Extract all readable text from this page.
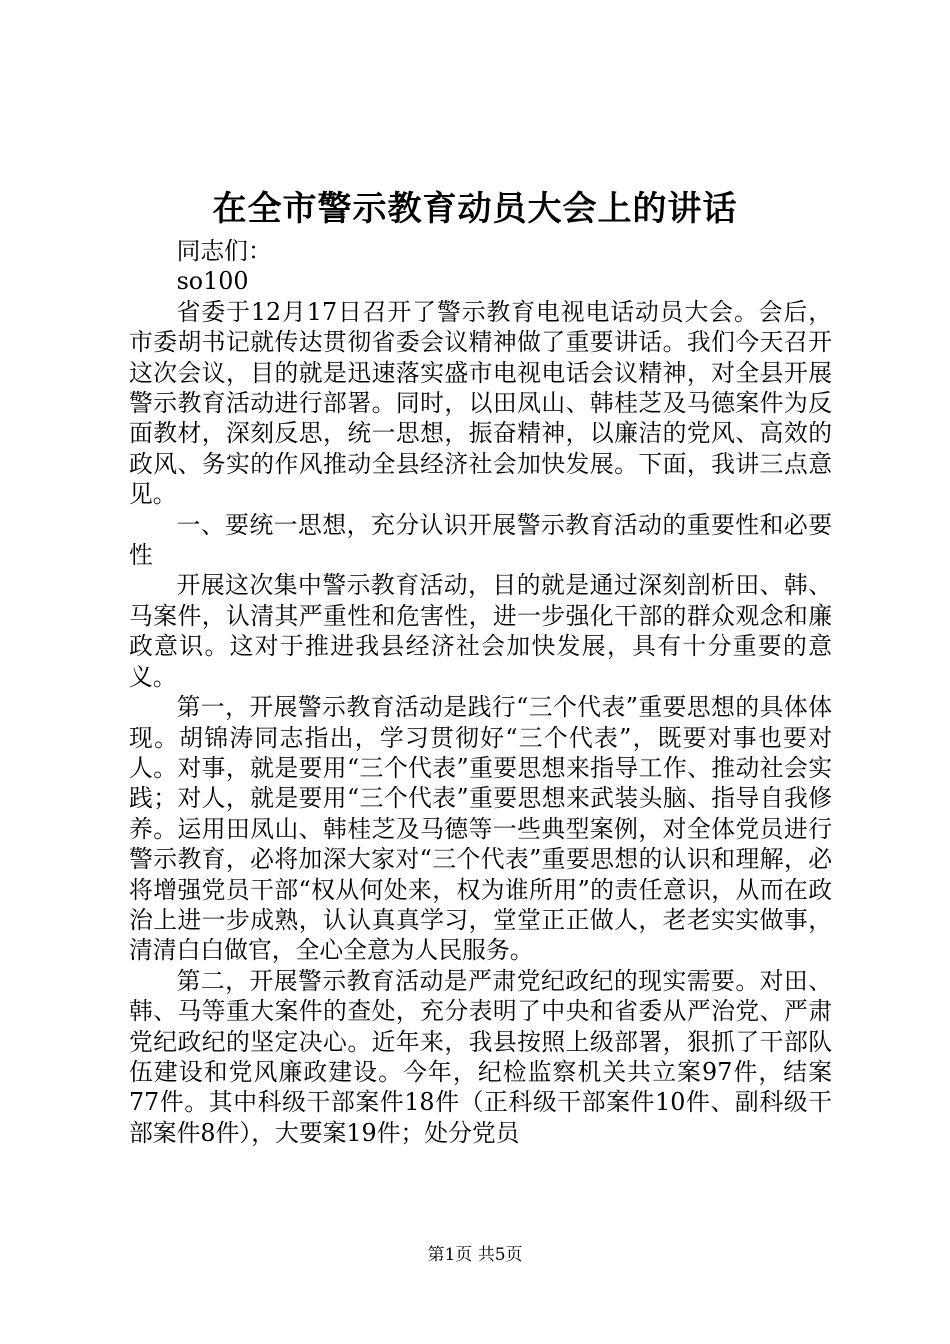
在全市警示教育动员大会上的讲话

同志们：

so100

省委于12月17日召开了警示教育电视电话动员大会。会后，市委胡书记就传达贯彻省委会议精神做了重要讲话。我们今天召开这次会议，目的就是迅速落实盛市电视电话会议精神，对全县开展警示教育活动进行部署。同时，以田凤山、韩桂芝及马德案件为反面教材，深刻反思，统一思想，振奋精神，以廉洁的党风、高效的政风、务实的作风推动全县经济社会加快发展。下面，我讲三点意见。

一、要统一思想，充分认识开展警示教育活动的重要性和必要性

开展这次集中警示教育活动，目的就是通过深刻剖析田、韩、马案件，认清其严重性和危害性，进一步强化干部的群众观念和廉政意识。这对于推进我县经济社会加快发展，具有十分重要的意义。

第一，开展警示教育活动是践行“三个代表”重要思想的具体体现。胡锦涛同志指出，学习贯彻好“三个代表”，既要对事也要对人。对事，就是要用“三个代表”重要思想来指导工作、推动社会实践；对人，就是要用“三个代表”重要思想来武装头脑、指导自我修养。运用田凤山、韩桂芝及马德等一些典型案例，对全体党员进行警示教育，必将加深大家对“三个代表”重要思想的认识和理解，必将增强党员干部“权从何处来，权为谁所用”的责任意识，从而在政治上进一步成熟，认认真真学习，堂堂正正做人，老老实实做事，清清白白做官，全心全意为人民服务。

第二，开展警示教育活动是严肃党纪政纪的现实需要。对田、韩、马等重大案件的查处，充分表明了中央和省委从严治党、严肃党纪政纪的坚定决心。近年来，我县按照上级部署，狠抓了干部队伍建设和党风廉政建设。今年，纪检监察机关共立案97件，结案77件。其中科级干部案件18件（正科级干部案件10件、副科级干部案件8件），大要案19件；处分党员

第1页 共5页
